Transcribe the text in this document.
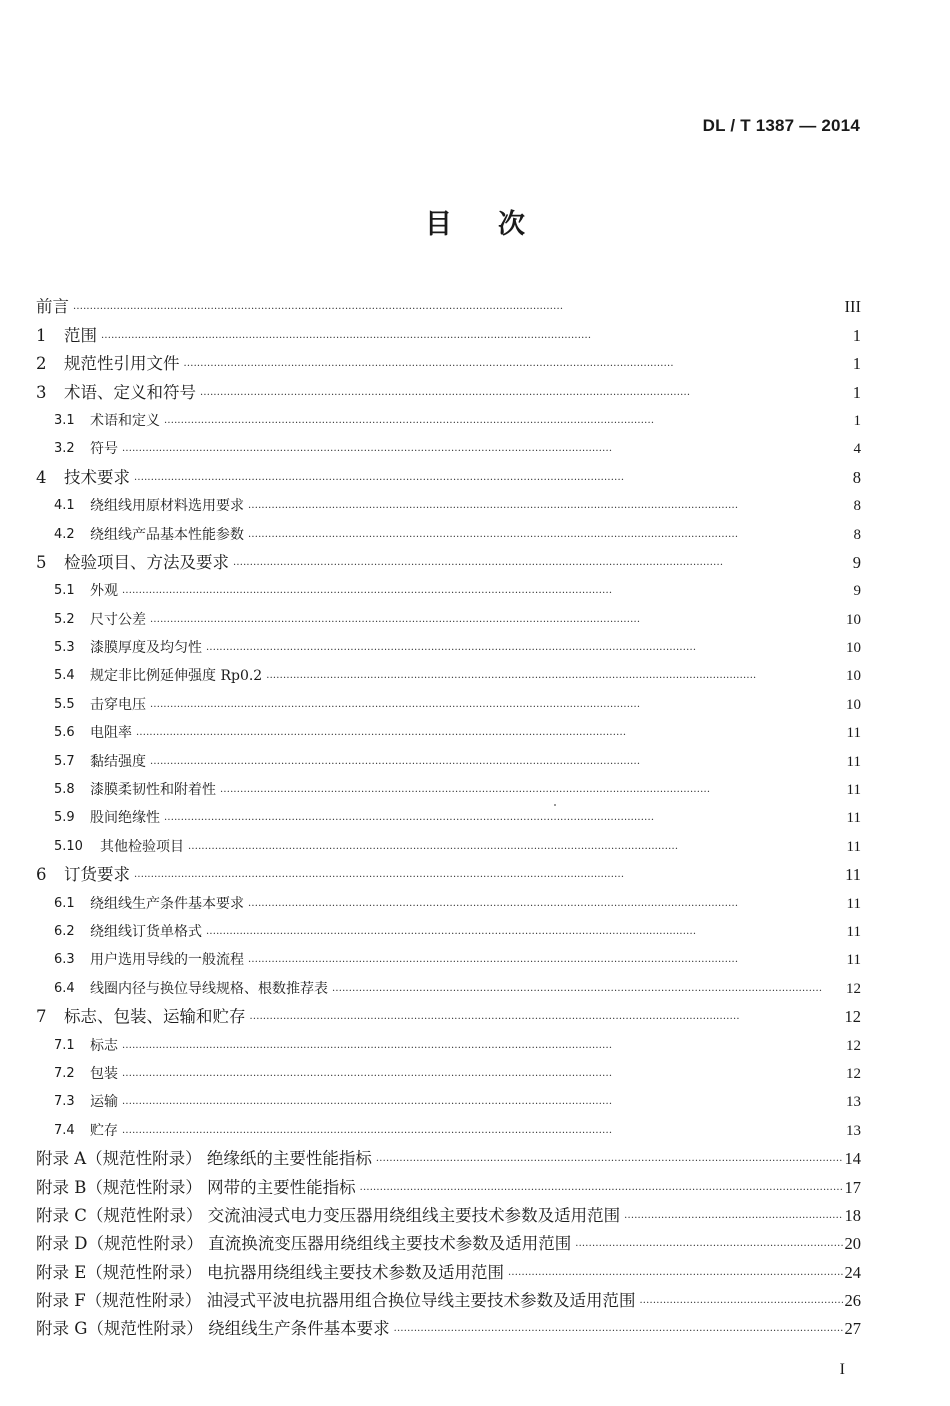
DL / T 1387 — 2014
目次
前言 · · ·	III
1	范围 · · ·	1
2	规范性引用文件 · · ·	1
3	术语、定义和符号 · · ·	1
3.1	术语和定义 · · ·	1
3.2	符号 · · ·	4
4	技术要求 · · ·	8
4.1	绕组线用原材料选用要求 · · ·	8
4.2	绕组线产品基本性能参数 · · ·	8
5	检验项目、方法及要求 · · ·	9
5.1	外观 · · ·	9
5.2	尺寸公差 · · ·	10
5.3	漆膜厚度及均匀性 · · ·	10
5.4	规定非比例延伸强度 Rp0.2 · · ·	10
5.5	击穿电压 · · ·	10
5.6	电阻率 · · ·	11
5.7	黏结强度 · · ·	11
5.8	漆膜柔韧性和附着性 · · ·	11
5.9	股间绝缘性 · · ·	11
5.10	其他检验项目 · · ·	11
6	订货要求 · · ·	11
6.1	绕组线生产条件基本要求 · · ·	11
6.2	绕组线订货单格式 · · ·	11
6.3	用户选用导线的一般流程 · · ·	11
6.4	线圈内径与换位导线规格、根数推荐表 · · ·	12
7	标志、包装、运输和贮存 · · ·	12
7.1	标志 · · ·	12
7.2	包装 · · ·	12
7.3	运输 · · ·	13
7.4	贮存 · · ·	13
附录 A（规范性附录） 绝缘纸的主要性能指标 · · ·	14
附录 B（规范性附录） 网带的主要性能指标 · · ·	17
附录 C（规范性附录） 交流油浸式电力变压器用绕组线主要技术参数及适用范围 · · ·	18
附录 D（规范性附录） 直流换流变压器用绕组线主要技术参数及适用范围 · · ·	20
附录 E（规范性附录） 电抗器用绕组线主要技术参数及适用范围 · · ·	24
附录 F（规范性附录） 油浸式平波电抗器用组合换位导线主要技术参数及适用范围 · · ·	26
附录 G（规范性附录） 绕组线生产条件基本要求 · · ·	27
I
